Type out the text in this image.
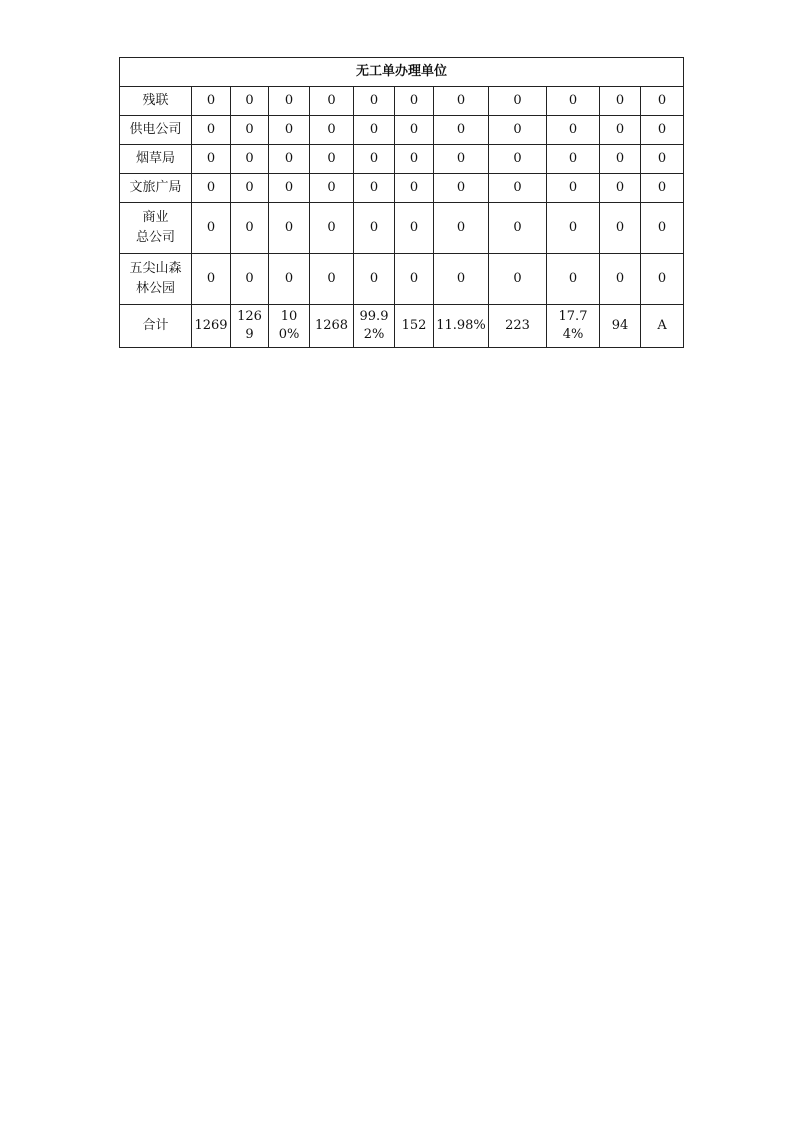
无工单办理单位											
残联	0	0	0	0	0	0	0	0	0	0	0
供电公司	0	0	0	0	0	0	0	0	0	0	0
烟草局	0	0	0	0	0	0	0	0	0	0	0
文旅广局	0	0	0	0	0	0	0	0	0	0	0
商业
总公司	0	0	0	0	0	0	0	0	0	0	0
五尖山森
林公园	0	0	0	0	0	0	0	0	0	0	0
合计	1269	1269	100%	1268	99.92%	152	11.98%	223	17.74%	94	A
